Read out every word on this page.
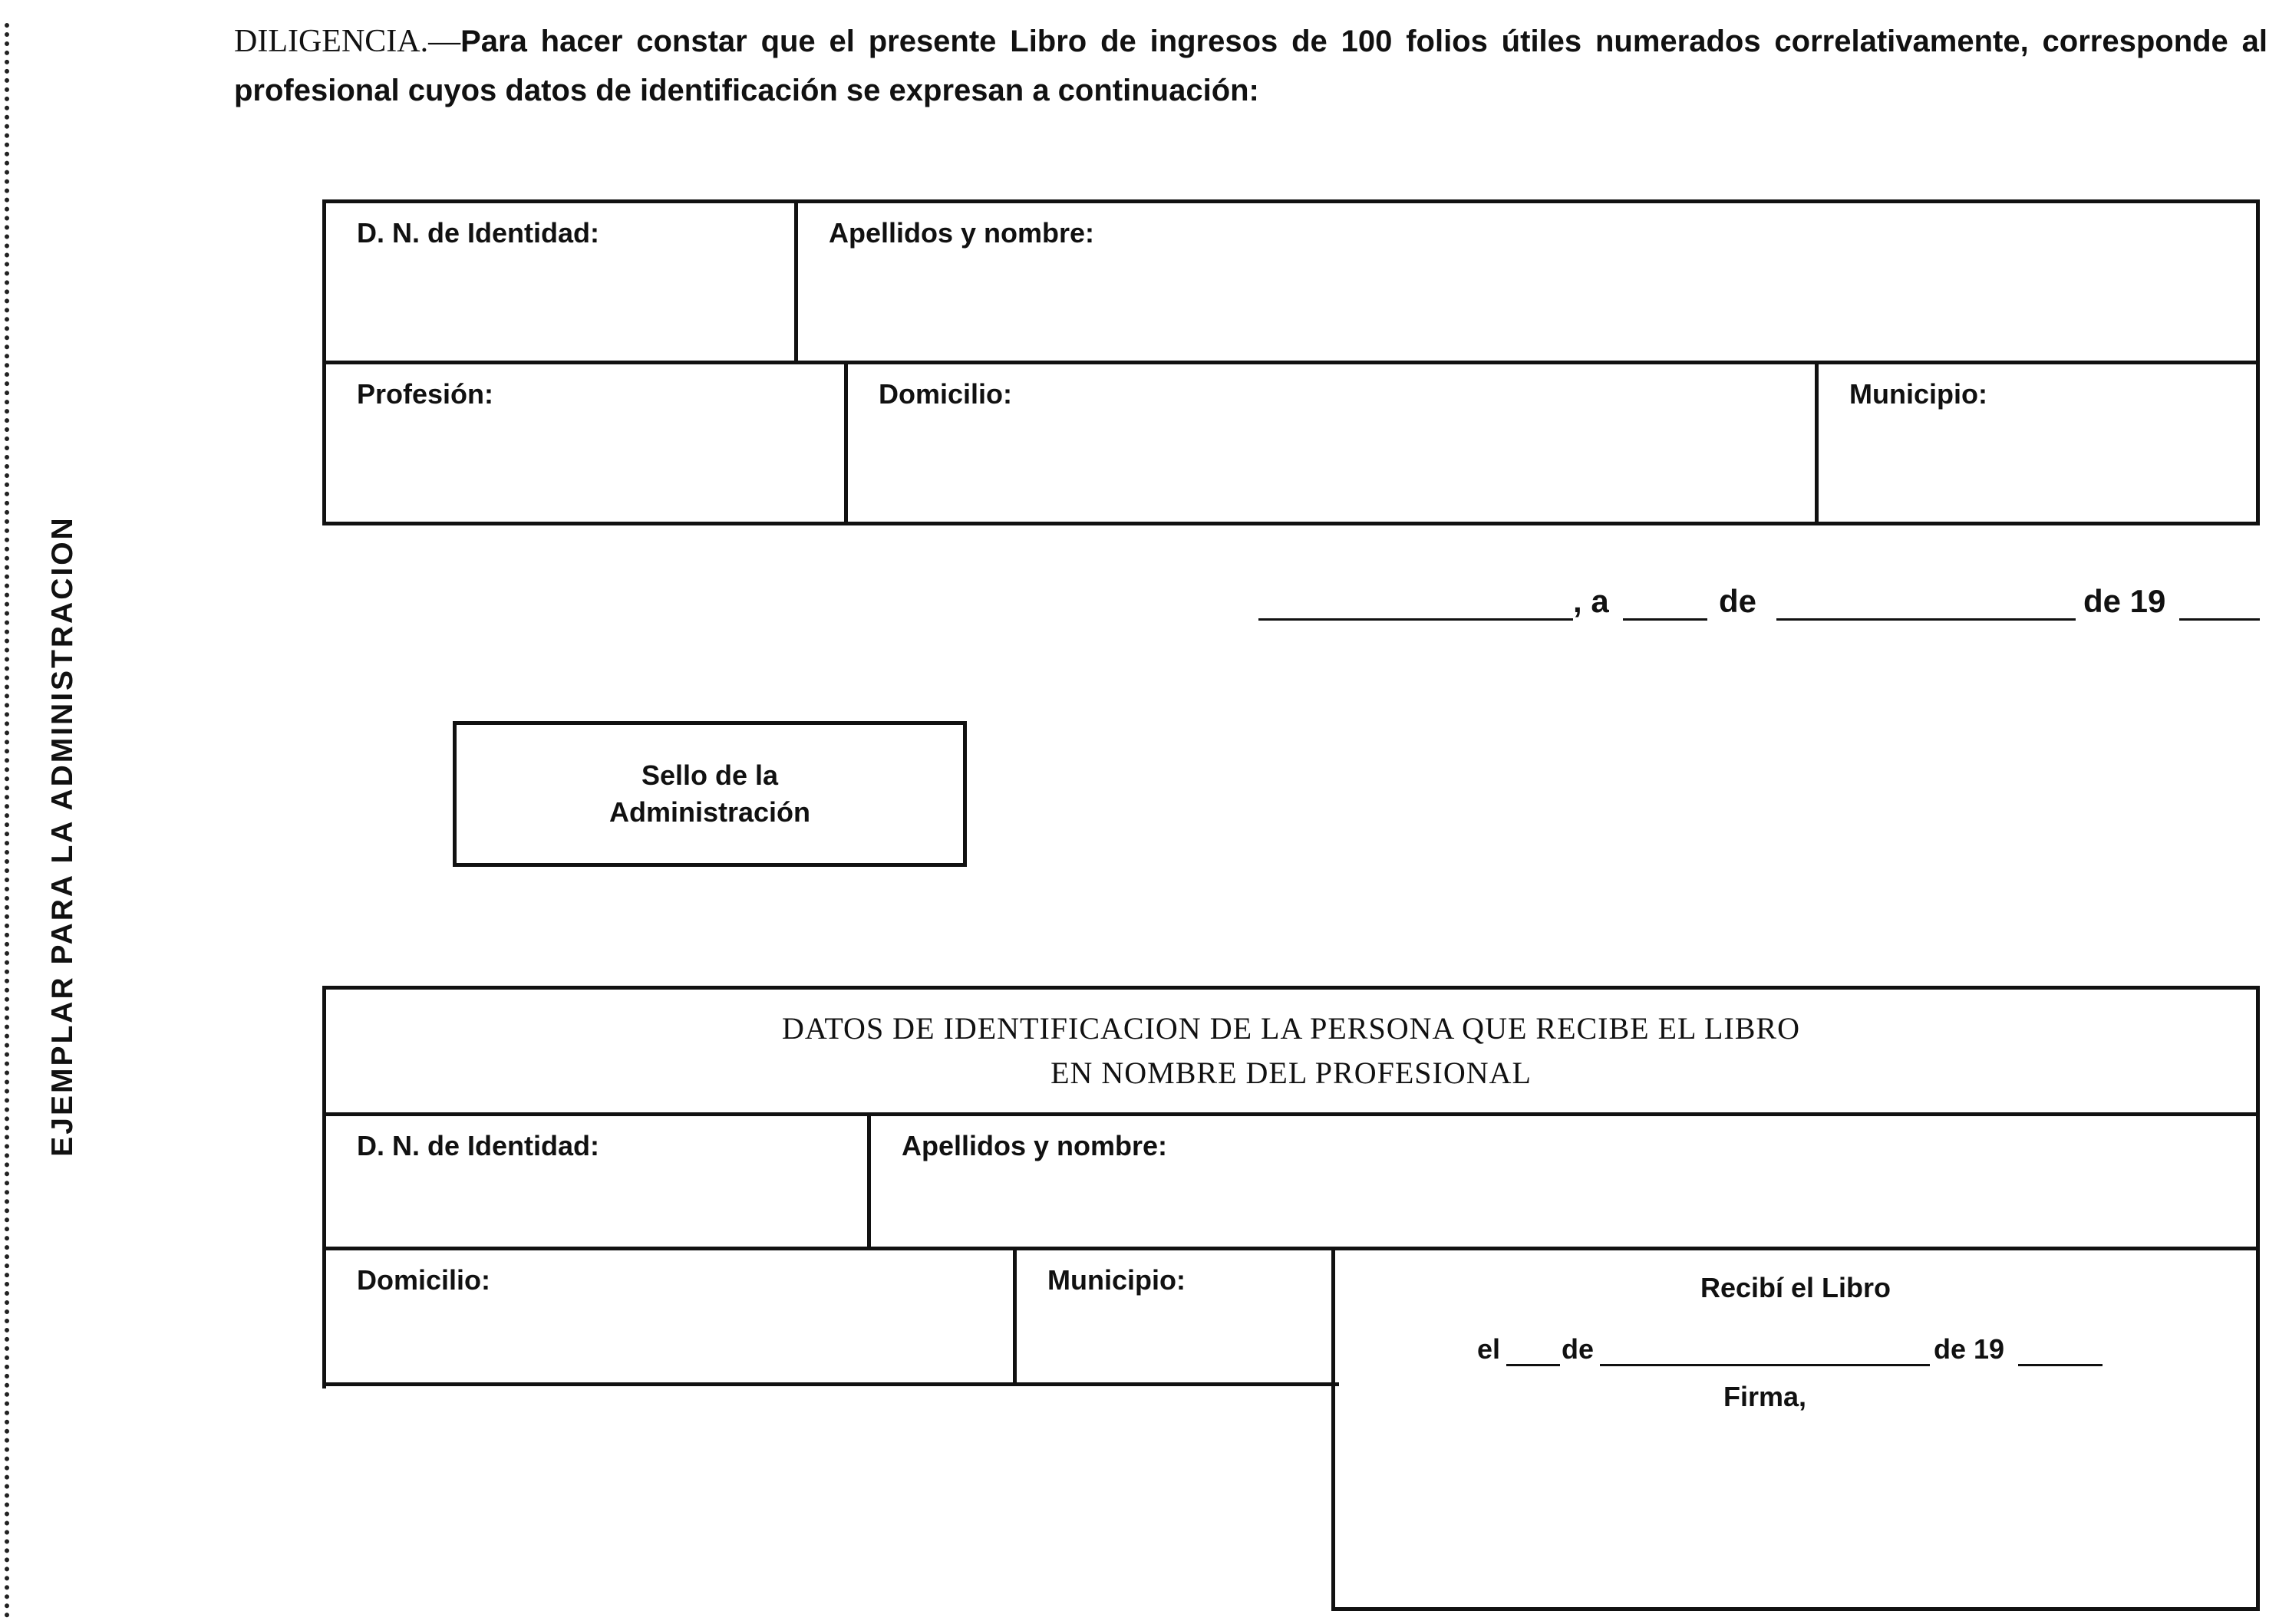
EJEMPLAR PARA LA ADMINISTRACION
DILIGENCIA.—Para hacer constar que el presente Libro de ingresos de 100 folios útiles numerados correlativamente, corresponde al profesional cuyos datos de identificación se expresan a continuación:
D. N. de Identidad:	Apellidos y nombre:
Profesión:	Domicilio:	Municipio:
, a	de	de 19
Sello de la
Administración
DATOS DE IDENTIFICACION DE LA PERSONA QUE RECIBE EL LIBRO
EN NOMBRE DEL PROFESIONAL
D. N. de Identidad:	Apellidos y nombre:
Domicilio:	Municipio:	Recibí el Libro
el de	de 19
Firma,
